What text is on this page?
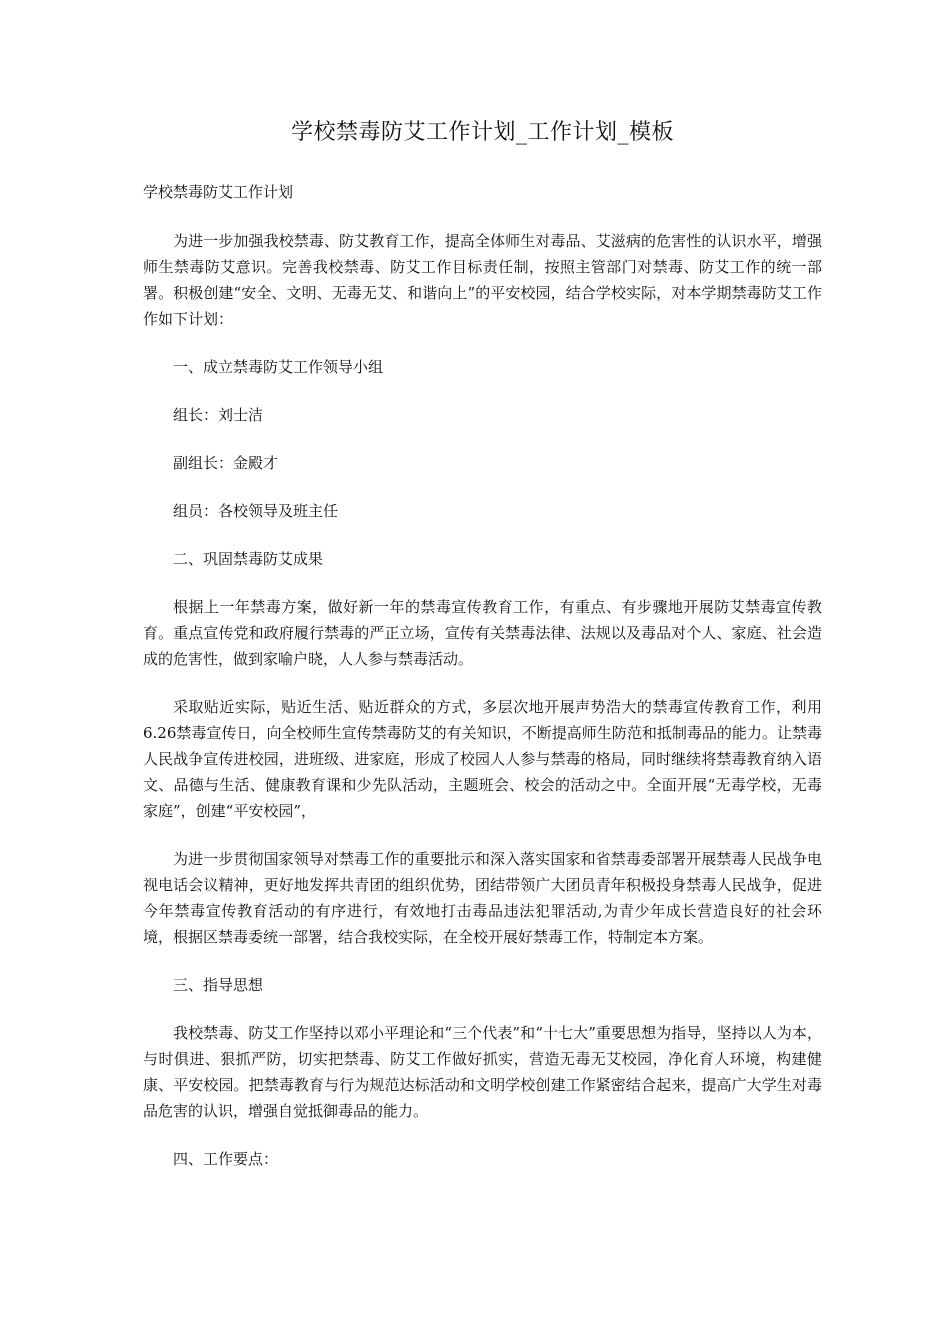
学校禁毒防艾工作计划_工作计划_模板

学校禁毒防艾工作计划

为进一步加强我校禁毒、防艾教育工作，提高全体师生对毒品、艾滋病的危害性的认识水平，增强师生禁毒防艾意识。完善我校禁毒、防艾工作目标责任制，按照主管部门对禁毒、防艾工作的统一部署。积极创建“安全、文明、无毒无艾、和谐向上”的平安校园，结合学校实际，对本学期禁毒防艾工作作如下计划：

一、成立禁毒防艾工作领导小组

组长：刘士洁

副组长：金殿才

组员：各校领导及班主任

二、巩固禁毒防艾成果

根据上一年禁毒方案，做好新一年的禁毒宣传教育工作，有重点、有步骤地开展防艾禁毒宣传教育。重点宣传党和政府履行禁毒的严正立场，宣传有关禁毒法律、法规以及毒品对个人、家庭、社会造成的危害性，做到家喻户晓，人人参与禁毒活动。

采取贴近实际，贴近生活、贴近群众的方式，多层次地开展声势浩大的禁毒宣传教育工作，利用6.26禁毒宣传日，向全校师生宣传禁毒防艾的有关知识，不断提高师生防范和抵制毒品的能力。让禁毒人民战争宣传进校园，进班级、进家庭，形成了校园人人参与禁毒的格局，同时继续将禁毒教育纳入语文、品德与生活、健康教育课和少先队活动，主题班会、校会的活动之中。全面开展“无毒学校，无毒家庭”，创建“平安校园”，

为进一步贯彻国家领导对禁毒工作的重要批示和深入落实国家和省禁毒委部署开展禁毒人民战争电视电话会议精神，更好地发挥共青团的组织优势，团结带领广大团员青年积极投身禁毒人民战争，促进今年禁毒宣传教育活动的有序进行，有效地打击毒品违法犯罪活动,为青少年成长营造良好的社会环境，根据区禁毒委统一部署，结合我校实际，在全校开展好禁毒工作，特制定本方案。

三、指导思想

我校禁毒、防艾工作坚持以邓小平理论和“三个代表”和“十七大”重要思想为指导，坚持以人为本，与时俱进、狠抓严防，切实把禁毒、防艾工作做好抓实，营造无毒无艾校园，净化育人环境，构建健康、平安校园。把禁毒教育与行为规范达标活动和文明学校创建工作紧密结合起来，提高广大学生对毒品危害的认识，增强自觉抵御毒品的能力。

四、工作要点：
